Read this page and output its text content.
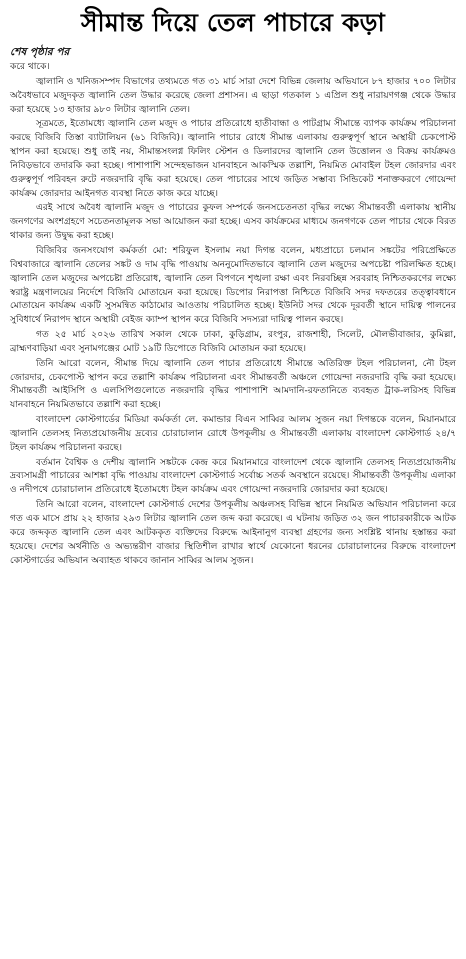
সীমান্ত দিয়ে তেল পাচারে কড়া
শেষ পৃষ্ঠার পর

করে থাকে।

জ্বালানি ও খনিজসম্পদ বিভাগের তথ্যমতে গত ৩১ মার্চ সারা দেশে বিভিন্ন জেলায় অভিযানে ৮৭ হাজার ৭০০ লিটার অবৈধভাবে মজুদকৃত জ্বালানি তেল উদ্ধার করেছে জেলা প্রশাসন। এ ছাড়া গতকাল ১ এপ্রিল শুধু নারায়ণগঞ্জ থেকে উদ্ধার করা হয়েছে ১৩ হাজার ৯৮০ লিটার জ্বালানি তেল।

সূত্রমতে, ইতোমধ্যে জ্বালানি তেল মজুদ ও পাচার প্রতিরোধে হাতীবান্ধা ও পাটগ্রাম সীমান্তে ব্যাপক কার্যক্রম পরিচালনা করছে বিজিবি তিস্তা ব্যাটালিয়ন (৬১ বিজিবি)। জ্বালানি পাচার রোধে সীমান্ত এলাকায় গুরুত্বপূর্ণ স্থানে অস্থায়ী চেকপোস্ট স্থাপন করা হয়েছে। শুধু তাই নয়, সীমান্তসংলগ্ন ফিলিং স্টেশন ও ডিলারদের জ্বালানি তেল উত্তোলন ও বিক্রয় কার্যক্রমও নিবিড়ভাবে তদারকি করা হচ্ছে। পাশাপাশি সন্দেহভাজন যানবাহনে আকস্মিক তল্লাশি, নিয়মিত মোবাইল টহল জোরদার এবং গুরুত্বপূর্ণ পরিবহন রুটে নজরদারি বৃদ্ধি করা হয়েছে। তেল পাচারের সাথে জড়িত সম্ভাব্য সিন্ডিকেট শনাক্তকরণে গোয়েন্দা কার্যক্রম জোরদার আইনগত ব্যবস্থা নিতে কাজ করে যাচ্ছে।

এরই সাথে অবৈধ জ্বালানি মজুদ ও পাচারের কুফল সম্পর্কে জনসচেতনতা বৃদ্ধির লক্ষ্যে সীমান্তবর্তী এলাকায় স্থানীয় জনগণের অংশগ্রহণে সচেতনতামূলক সভা আয়োজন করা হচ্ছে। এসব কার্যক্রমের মাধ্যমে জনগণকে তেল পাচার থেকে বিরত থাকার জন্য উদ্বুদ্ধ করা হচ্ছে।

বিজিবির জনসংযোগ কর্মকর্তা মো: শরিফুল ইসলাম নয়া দিগন্ত বলেন, মধ্যপ্রাচ্যে চলমান সঙ্কটের পরিপ্রেক্ষিতে বিশ্ববাজারে জ্বালানি তেলের সঙ্কট ও দাম বৃদ্ধি পাওয়ায় অননুমোদিতভাবে জ্বালানি তেল মজুদের অপচেষ্টা পরিলক্ষিত হচ্ছে। জ্বালানি তেল মজুদের অপচেষ্টা প্রতিরোধ, জ্বালানি তেল বিপণনে শৃঙ্খলা রক্ষা এবং নিরবচ্ছিন্ন সরবরাহ নিশ্চিতকরণের লক্ষ্যে স্বরাষ্ট্র মন্ত্রণালয়ের নির্দেশে বিজিবি মোতায়েন করা হয়েছে। ডিপোর নিরাপত্তা নিশ্চিতে বিজিবি সদর দফতরের তত্ত্বাবধানে মোতায়েন কার্যক্রম একটি সুসমন্বিত কাঠামোর আওতায় পরিচালিত হচ্ছে। ইউনিট সদর থেকে দূরবর্তী স্থানে দায়িত্ব পালনের সুবিধার্থে নিরাপদ স্থানে অস্থায়ী বেইজ ক্যাম্প স্থাপন করে বিজিবি সদস্যরা দায়িত্ব পালন করছে।

গত ২৫ মার্চ ২০২৬ তারিখ সকাল থেকে ঢাকা, কুড়িগ্রাম, রংপুর, রাজশাহী, সিলেট, মৌলভীবাজার, কুমিল্লা, ব্রাহ্মণবাড়িয়া এবং সুনামগঞ্জের মোট ১৯টি ডিপোতে বিজিবি মোতায়ন করা হয়েছে।

তিনি আরো বলেন, সীমান্ত দিয়ে জ্বালানি তেল পাচার প্রতিরোধে সীমান্তে অতিরিক্ত টহল পরিচালনা, নৌ টহল জোরদার, চেকপোস্ট স্থাপন করে তল্লাশি কার্যক্রম পরিচালনা এবং সীমান্তবর্তী অঞ্চলে গোয়েন্দা নজরদারি বৃদ্ধি করা হয়েছে। সীমান্তবর্তী আইসিপি ও এলসিপিগুলোতে নজরদারি বৃদ্ধির পাশাপাশি আমদানি-রফতানিতে ব্যবহৃত ট্রাক-লরিসহ বিভিন্ন যানবাহনে নিয়মিতভাবে তল্লাশি করা হচ্ছে।

বাংলাদেশ কোস্টগার্ডের মিডিয়া কর্মকর্তা লে. কমান্ডার বিএন সাব্বির আলম সুজন নয়া দিগন্তকে বলেন, মিয়ানমারে জ্বালানি তেলসহ নিত্যপ্রয়োজনীয় দ্রব্যের চোরাচালান রোধে উপকূলীয় ও সীমান্তবর্তী এলাকায় বাংলাদেশ কোস্টগার্ড ২৪/৭ টহল কার্যক্রম পরিচালনা করছে।

বর্তমান বৈশ্বিক ও দেশীয় জ্বালানি সঙ্কটকে কেন্দ্র করে মিয়ানমারে বাংলাদেশ থেকে জ্বালানি তেলসহ নিত্যপ্রয়োজনীয় দ্রব্যসামগ্রী পাচারের আশঙ্কা বৃদ্ধি পাওয়ায় বাংলাদেশ কোস্টগার্ড সর্বোচ্চ সতর্ক অবস্থানে রয়েছে। সীমান্তবর্তী উপকূলীয় এলাকা ও নদীপথে চোরাচালান প্রতিরোধে ইতোমধ্যে টহল কার্যক্রম এবং গোয়েন্দা নজরদারি জোরদার করা হয়েছে।

তিনি আরো বলেন, বাংলাদেশ কোস্টগার্ড দেশের উপকূলীয় অঞ্চলসহ বিভিন্ন স্থানে নিয়মিত অভিযান পরিচালনা করে গত এক মাসে প্রায় ২২ হাজার ২৯৩ লিটার জ্বালানি তেল জব্দ করা করেছে। এ ঘটনায় জড়িত ৩২ জন পাচারকারীকে আটক করে জব্দকৃত জ্বালানি তেল এবং আটককৃত ব্যক্তিদের বিরুদ্ধে আইনানুগ ব্যবস্থা গ্রহণের জন্য সংশ্লিষ্ট থানায় হস্তান্তর করা হয়েছে। দেশের অর্থনীতি ও অভ্যন্তরীণ বাজার স্থিতিশীল রাখার স্বার্থে যেকোনো ধরনের চোরাচালানের বিরুদ্ধে বাংলাদেশ কোস্টগার্ডের অভিযান অব্যাহত থাকবে জানান সাব্বির আলম সুজন।
